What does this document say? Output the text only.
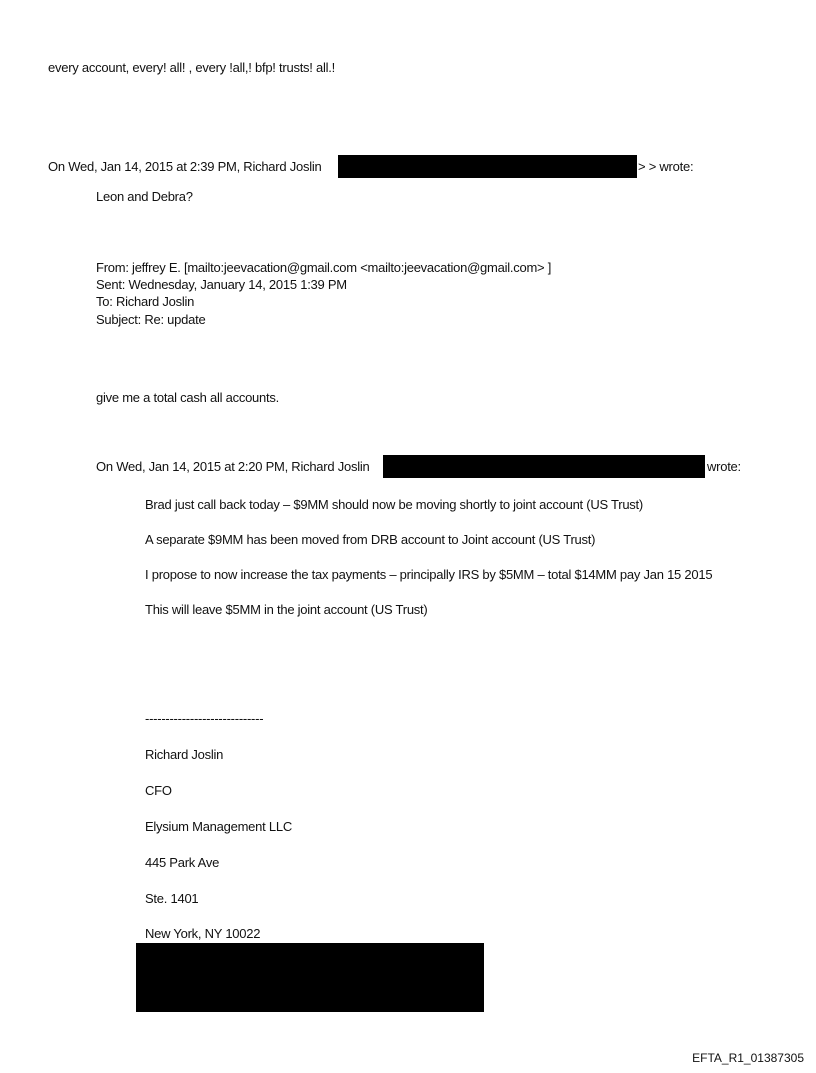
every account, every! all! , every !all,! bfp! trusts! all.!
On Wed, Jan 14, 2015 at 2:39 PM, Richard Joslin	> > wrote:
Leon and Debra?
From: jeffrey E. [mailto:jeevacation@gmail.com <mailto:jeevacation@gmail.com> ]
Sent: Wednesday, January 14, 2015 1:39 PM
To: Richard Joslin
Subject: Re: update
give me a total cash all accounts.
On Wed, Jan 14, 2015 at 2:20 PM, Richard Joslin	wrote:
Brad just call back today – $9MM should now be moving shortly to joint account (US Trust)
A separate $9MM has been moved from DRB account to Joint account (US Trust)
I propose to now increase the tax payments – principally IRS by $5MM – total $14MM pay Jan 15 2015
This will leave $5MM in the joint account (US Trust)
-----------------------------
Richard Joslin
CFO
Elysium Management LLC
445 Park Ave
Ste. 1401
New York, NY 10022
EFTA_R1_01387305
